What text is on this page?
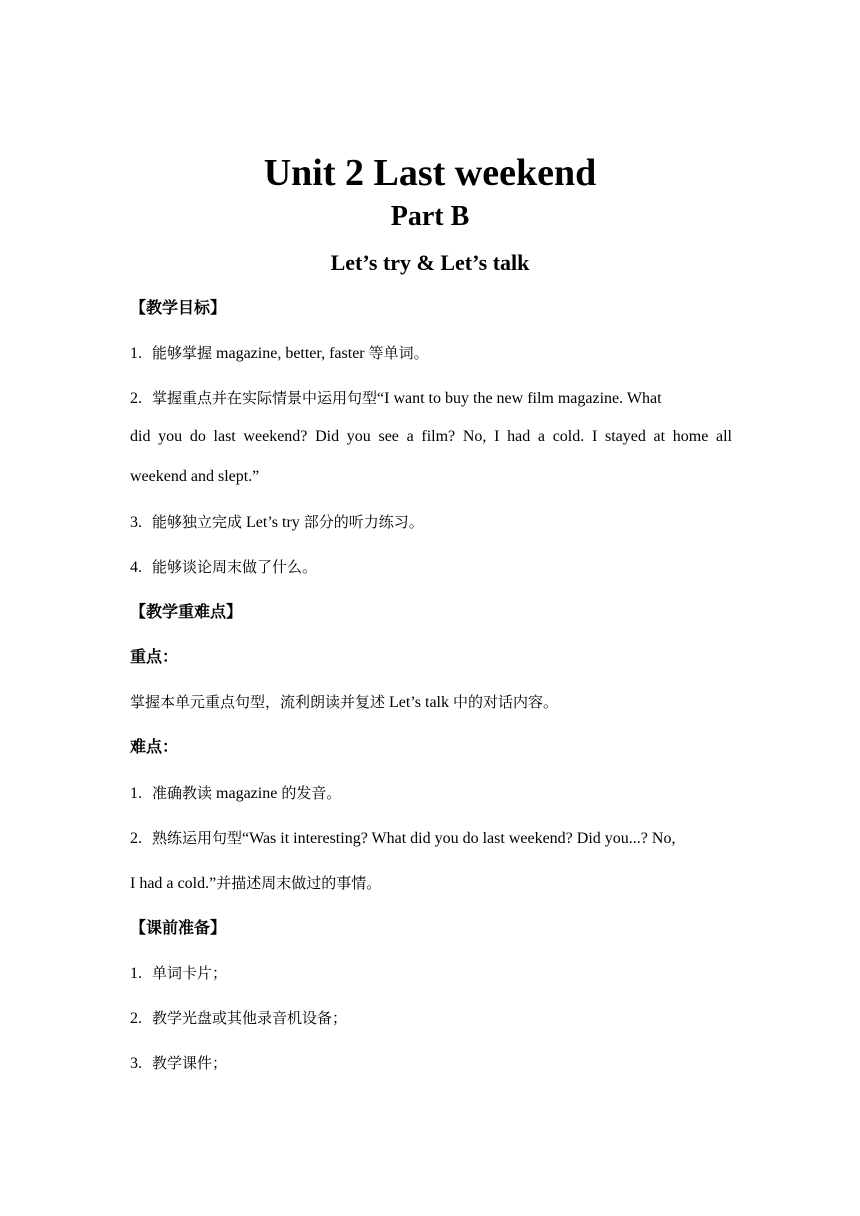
Unit 2 Last weekend
Part B
Let’s try & Let’s talk

【教学目标】

1. 能够掌握 magazine, better, faster 等单词。

2. 掌握重点并在实际情景中运用句型“I want to buy the new film magazine. What

did you do last weekend? Did you see a film? No, I had a cold. I stayed at home all

weekend and slept.”

3. 能够独立完成 Let’s try 部分的听力练习。

4. 能够谈论周末做了什么。

【教学重难点】

重点：

掌握本单元重点句型，流利朗读并复述 Let’s talk 中的对话内容。

难点：

1. 准确教读 magazine 的发音。

2. 熟练运用句型“Was it interesting? What did you do last weekend? Did you...? No,

I had a cold.”并描述周末做过的事情。

【课前准备】

1. 单词卡片；

2. 教学光盘或其他录音机设备；

3. 教学课件；
